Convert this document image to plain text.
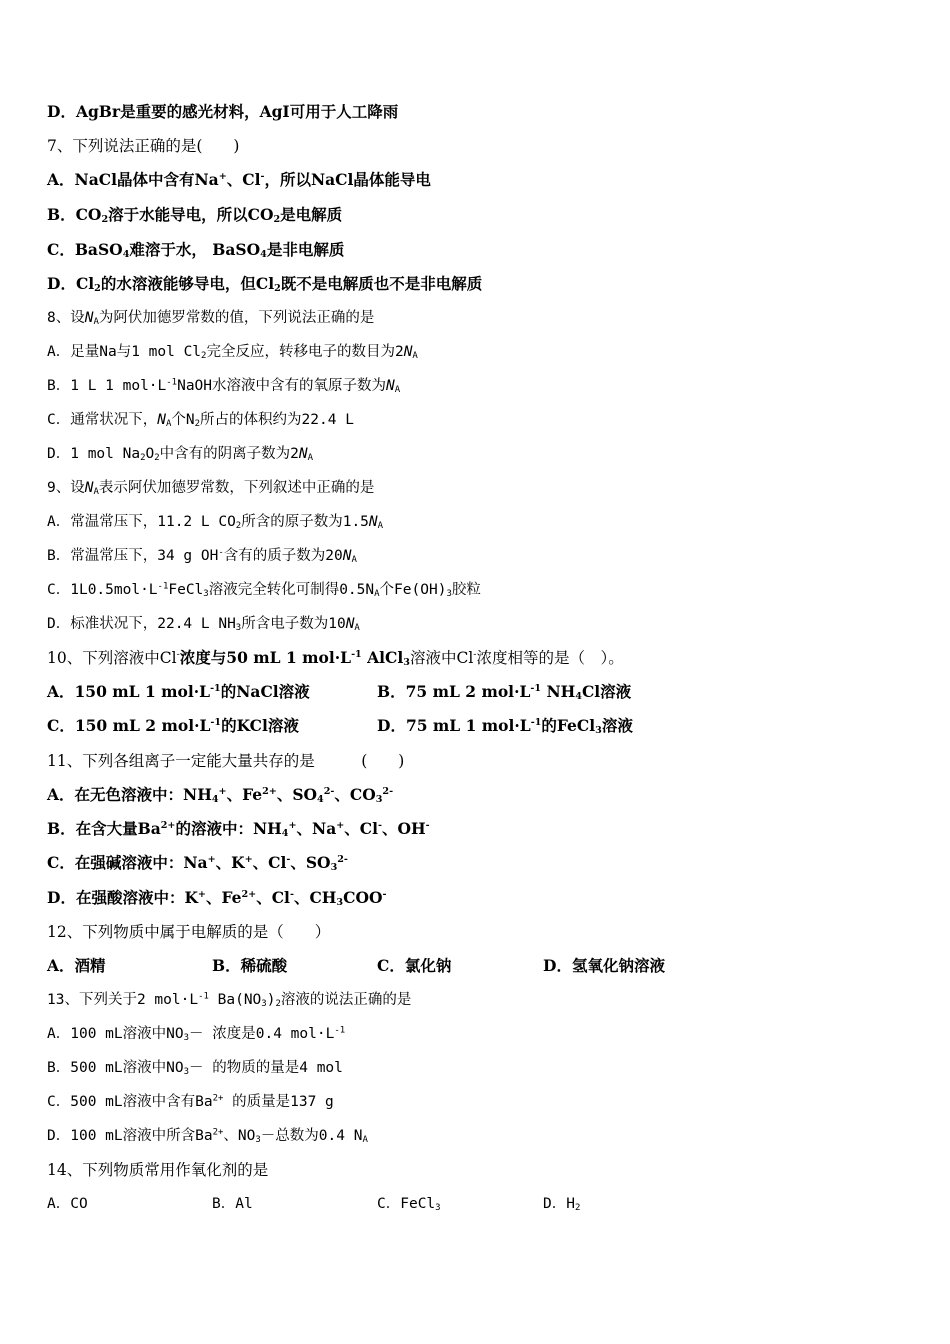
D．AgBr是重要的感光材料，AgI可用于人工降雨
7、下列说法正确的是(　　)
A．NaCl晶体中含有Na+、Cl-，所以NaCl晶体能导电
B．$CO_2$溶于水能导电，所以$CO_2$是电解质
C．BaSO$_4$难溶于水， BaSO$_4$是非电解质
D．$Cl_2$的水溶液能够导电，但$Cl_2$既不是电解质也不是非电解质
8、设$N_A$为阿伏加德罗常数的值，下列说法正确的是
A．足量Na与1 mol $Cl_2$完全反应，转移电子的数目为$2N_A$
B．1 L 1 $mol\cdot L^{-1}NaOH$水溶液中含有的氧原子数为$N_A$
C．通常状况下，$N_A$个$N_2$所占的体积约为22.4 L
D．1 mol $Na_2O_2$中含有的阴离子数为$2N_A$
9、设$N_A$表示阿伏加德罗常数，下列叙述中正确的是
A．常温常压下，11.2 L $CO_2$所含的原子数为$1.5N_A$
B．常温常压下，34 g OH-含有的质子数为$20N_A$
C．$1L0.5mol\cdot L^{-1}FeCl_3$溶液完全转化可制得$0.5N_A$个$Fe(OH)_3$胶粒
D．标准状况下，22.4 L $NH_3$所含电子数为$10N_A$
10、下列溶液中Cl-浓度与50 mL 1 $mol\cdot L^{-1}$ AlCl$_3$溶液中Cl-浓度相等的是（　）。
A．150 mL 1 $mol\cdot L^{-1}$的NaCl溶液	B．75 mL 2 $mol\cdot L^{-1}$ $NH_4Cl$溶液
C．150 mL 2 $mol\cdot L^{-1}$的KCl溶液	D．75 mL 1 $mol\cdot L^{-1}$的FeCl$_3$溶液
11、下列各组离子一定能大量共存的是　　　(　　)
A．在无色溶液中：$NH_4^+$、$Fe^{2+}$、$SO_4^{2-}$、$CO_3^{2-}$
B．在含大量$Ba^{2+}$的溶液中：$NH_4^+$、Na+、Cl-、OH-
C．在强碱溶液中：Na+、K+、Cl-、$SO_3^{2-}$
D．在强酸溶液中：K+、$Fe^{2+}$、Cl-、$CH_3COO^-$
12、下列物质中属于电解质的是（　　）
A．酒精	B．稀硫酸	C．氯化钠	D．氢氧化钠溶液
13、下列关于2 $mol\cdot L^{-1}$ $Ba(NO_3)_2$溶液的说法正确的是
A．100 mL溶液中$NO_3-$ 浓度是0.4 $mol\cdot L^{-1}$
B．500 mL溶液中$NO_3-$ 的物质的量是4 mol
C．500 mL溶液中含有$Ba^{2+}$ 的质量是137 g
D．100 mL溶液中所含$Ba^{2+}$、$NO_3-$总数为0.4 $N_A$
14、下列物质常用作氧化剂的是
A．CO	B．Al	C．FeCl$_3$	D．$H_2$
